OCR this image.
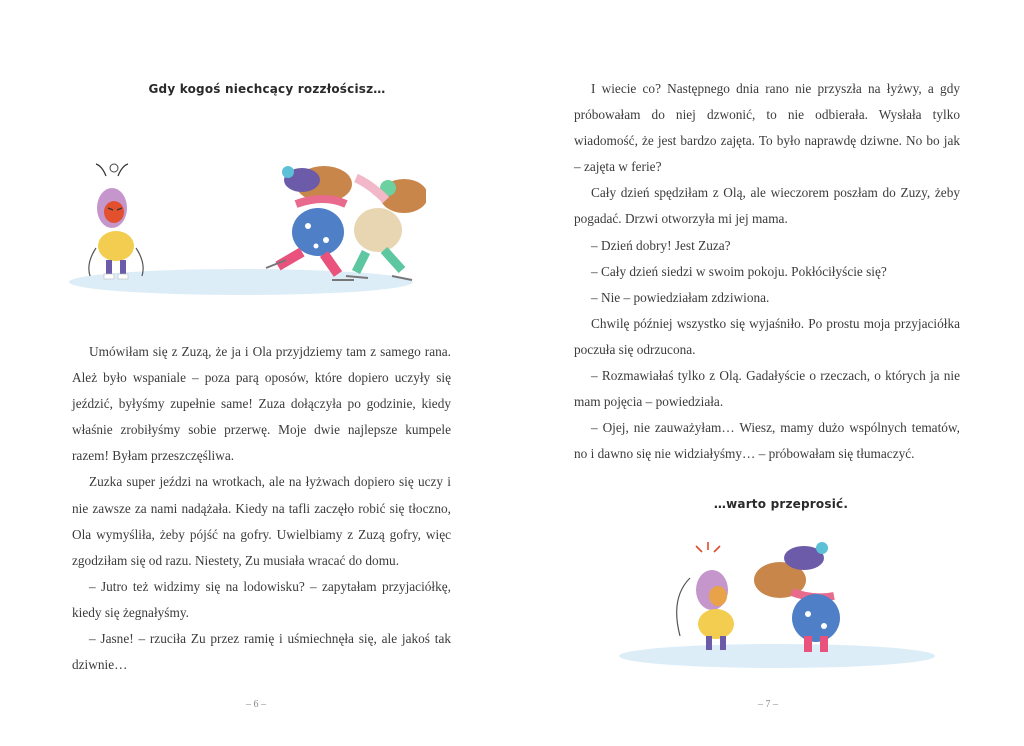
Gdy kogoś niechcący rozzłościsz…

Umówiłam się z Zuzą, że ja i Ola przyjdziemy tam z samego rana. Ależ było wspaniale – poza parą oposów, które dopiero uczyły się jeździć, byłyśmy zupełnie same! Zuza dołączyła po godzinie, kiedy właśnie zrobiłyśmy sobie przerwę. Moje dwie najlepsze kumpele razem! Byłam przeszczęśliwa.

Zuzka super jeździ na wrotkach, ale na łyżwach dopiero się uczy i nie zawsze za nami nadążała. Kiedy na tafli zaczęło robić się tłoczno, Ola wymyśliła, żeby pójść na gofry. Uwielbiamy z Zuzą gofry, więc zgodziłam się od razu. Niestety, Zu musiała wracać do domu.

– Jutro też widzimy się na lodowisku? – zapytałam przyjaciółkę, kiedy się żegnałyśmy.

– Jasne! – rzuciła Zu przez ramię i uśmiechnęła się, ale jakoś tak dziwnie…

– 6 –

I wiecie co? Następnego dnia rano nie przyszła na łyżwy, a gdy próbowałam do niej dzwonić, to nie odbierała. Wysłała tylko wiadomość, że jest bardzo zajęta. To było naprawdę dziwne. No bo jak – zajęta w ferie?

Cały dzień spędziłam z Olą, ale wieczorem poszłam do Zuzy, żeby pogadać. Drzwi otworzyła mi jej mama.

– Dzień dobry! Jest Zuza?

– Cały dzień siedzi w swoim pokoju. Pokłóciłyście się?

– Nie – powiedziałam zdziwiona.

Chwilę później wszystko się wyjaśniło. Po prostu moja przyjaciółka poczuła się odrzucona.

– Rozmawiałaś tylko z Olą. Gadałyście o rzeczach, o których ja nie mam pojęcia – powiedziała.

– Ojej, nie zauważyłam… Wiesz, mamy dużo wspólnych tematów, no i dawno się nie widziałyśmy… – próbowałam się tłumaczyć.

…warto przeprosić.
– 7 –
